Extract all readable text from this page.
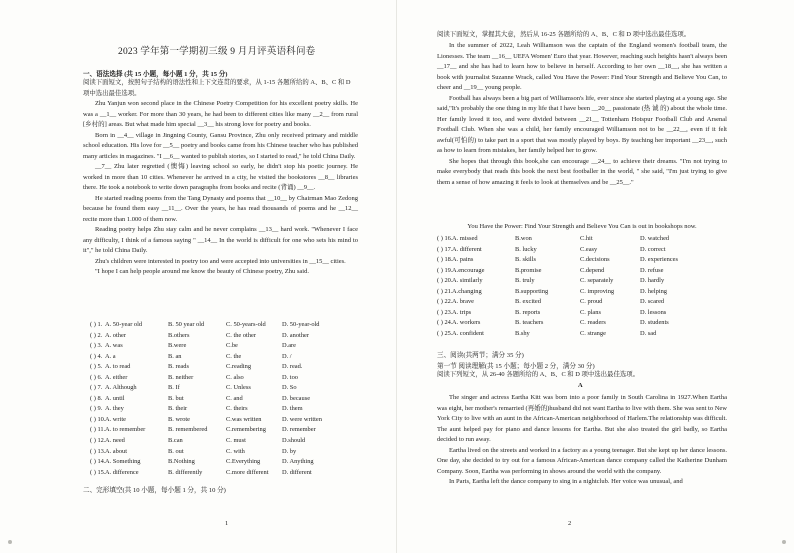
2023 学年第一学期初三级 9 月月评英语科问卷
一、语法选择 (共 15 小题，每小题 1 分，共 15 分)
阅读下面短文，按照句子结构的语法性和上下文连贯的要求，从 1-15 各题所给的 A、B、C 和 D 项中选出最佳选项。

Zhu Yanjun won second place in the Chinese Poetry Competition for his excellent poetry skills. He was a __1__ worker. For more than 30 years, he had been to different cities like many __2__ from rural [乡村的] areas. But what made him special __3__ his strong love for poetry and books.

Born in __4__ village in Jingning County, Gansu Province, Zhu only received primary and middle school education. His love for __5__ poetry and books came from his Chinese teacher who has published many articles in magazines. "I __6__ wanted to publish stories, so I started to read," he told China Daily.

__7__ Zhu later regretted (懊悔) leaving school so early, he didn't stop his poetic journey. He worked in more than 10 cities. Whenever he arrived in a city, he visited the bookstores __8__ libraries there. He took a notebook to write down paragraphs from books and recite (背诵) __9__.

He started reading poems from the Tang Dynasty and poems that __10__ by Chairman Mao Zedong because he found them easy __11__. Over the years, he has read thousands of poems and he __12__ recite more than 1.000 of them now.

Reading poetry helps Zhu stay calm and he never complains __13__ hard work. "Whenever I face any difficulty, I think of a famous saying " __14__ In the world is difficult for one who sets his mind to it"," he told China Daily.

Zhu's children were interested in poetry too and were accepted into universities in __15__ cities.

"I hope I can help people around me know the beauty of Chinese poetry, Zhu said.

( ) 1. A. 50-year old	B. 50 year old	C. 50-years-old	D. 50-year-old
( ) 2. A. other	B.others	C. the other	D. another
( ) 3. A. was	B.were	C.be	D.are
( ) 4. A. a	B. an	C. the	D. /
( ) 5. A. to read	B. reads	C.reading	D. read.
( ) 6. A. either	B. neither	C. also	D. too
( ) 7. A. Although	B. If	C. Unless	D. So
( ) 8. A. until	B. but	C. and	D. because
( ) 9. A. they	B. their	C. theirs	D. them
( ) 10. A. write	B. wrote	C.was written	D. were written
( ) 11. A. to remember	B. remembered	C.remembering	D. remember
( ) 12. A. need	B.can	C. must	D.should
( ) 13. A. about	B. out	C. with	D. by
( ) 14. A. Something	B.Nothing	C.Everything	D. Anything
( ) 15. A. difference	B. differently	C.more different	D. different
二、完形填空(共 10 小题，每小题 1 分，共 10 分)
1
阅读下面短文，掌握其大意，然后从 16-25 各题所给的 A、B、C 和 D 项中选出最佳选项。

In the summer of 2022, Leah Williamson was the captain of the England women's football team, the Lionesses. The team __16__ UEFA Women' Euro that year. However, reaching such heights hasn't always been __17__ and she has had to learn how to believe in herself. According to her own __18__, she has written a book with journalist Suzanne Wrack, called You Have the Power: Find Your Strength and Believe You Can, to cheer and __19__ young people.

Football has always been a big part of Williamson's life, ever since she started playing at a young age. She said,"It's probably the one thing in my life that I have been __20__ passionate (热 诚 的) about the whole time. Her family loved it too, and were divided between __21__ Tottenham Hotspur Football Club and Arsenal Football Club. When she was a child, her family encouraged Williamson not to be __22__, even if it felt awful(可怕的) to take part in a sport that was mostly played by boys. By teaching her important __23__, such as how to learn from mistakes, her family helped her to grow.

She hopes that through this book,she can encourage __24__ to achieve their dreams. "I'm not trying to make everybody that reads this book the next best footballer in the world, " she said, "I'm just trying to give them a sense of how amazing it feels to look at themselves and be __25__."

You Have the Power: Find Your Strength and Believe You Can is out in bookshops now.
( ) 16. A. missed	B.won	C.hit	D. watched
( ) 17. A. different	B. lucky	C.easy	D. correct
( ) 18. A. pains	B. skills	C.decisions	D. experiences
( ) 19. A.encourage	B.promise	C.depend	D. refuse
( ) 20. A. similarly	B. truly	C. separately	D. hardly
( ) 21. A.changing	B.supporting	C. improving	D. helping
( ) 22. A. brave	B. excited	C. proud	D. scared
( ) 23. A. trips	B. reports	C. plans	D. lessons
( ) 24. A. workers	B. teachers	C. readers	D. students
( ) 25. A. confident	B.shy	C. strange	D. sad
三、阅读(共两节；满分 35 分)
第一节 阅读理解(共 15 小题；每小题 2 分，满分 30 分)
阅读下列短文，从 26-40 各题所给的 A、B、C 和 D 项中选出最佳选项。
A

The singer and actress Eartha Kitt was born into a poor family in South Carolina in 1927.When Eartha was eight, her mother's remarried (再婚的)husband did not want Eartha to live with them. She was sent to New York City to live with an aunt in the African-American neighborhood of Harlem.The relationship was difficult. The aunt helped pay for piano and dance lessons for Eartha. But she also treated the girl badly, so Eartha decided to run away.

Eartha lived on the streets and worked in a factory as a young teenager. But she kept up her dance lessons. One day, she decided to try out for a famous African-American dance company called the Katherine Dunham Company. Soon, Eartha was performing in shows around the world with the company.

In Paris, Eartha left the dance company to sing in a nightclub. Her voice was unusual, and

2
